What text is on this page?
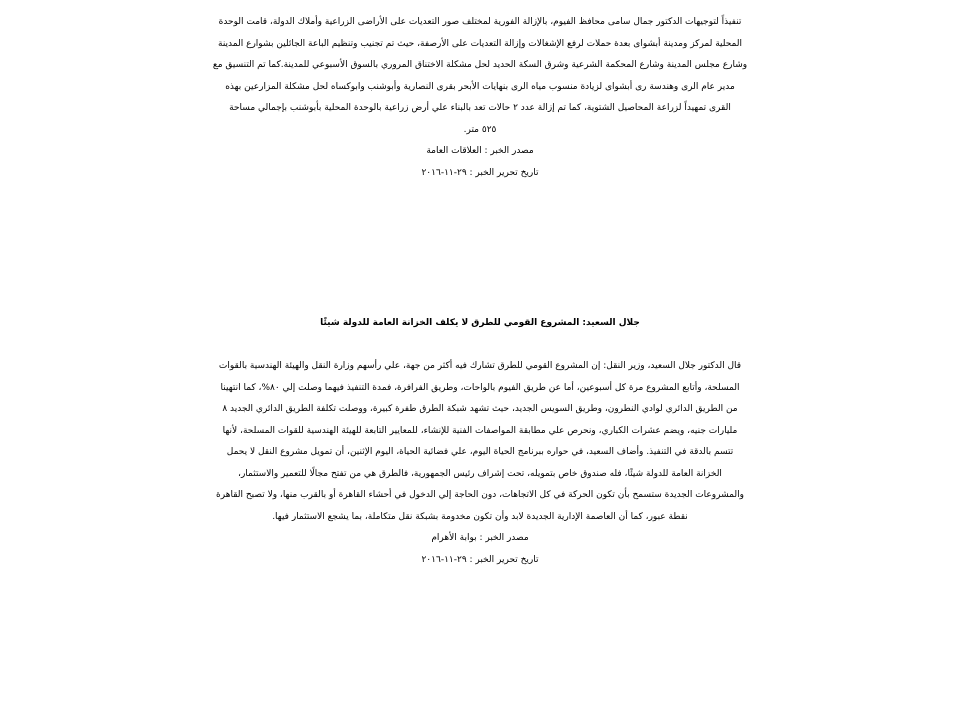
تنفيذاً لتوجيهات الدكتور جمال سامى محافظ الفيوم، بالإزالة الفورية لمختلف صور التعديات على الأراضى الزراعية وأملاك الدولة، قامت الوحدة
المحلية لمركز ومدينة أبشواى بعدة حملات لرفع الإشغالات وإزالة التعديات على الأرصفة، حيث تم تجنيب وتنظيم الباعة الجائلين بشوارع المدينة
وشارع مجلس المدينة وشارع المحكمة الشرعية وشرق السكة الحديد لحل مشكلة الاختناق المروري بالسوق الأسبوعي للمدينة.كما تم التنسيق مع
مدير عام الرى وهندسة رى أبشواى لزيادة منسوب مياه الرى بنهايات الأبحر بقرى النصارية وأبوشنب وابوكساه لحل مشكلة المزارعين بهذه
القرى تمهيداً لزراعة المحاصيل الشتوية، كما تم إزالة عدد ٢ حالات تعد بالبناء علي أرض زراعية بالوحدة المحلية بأبوشنب بإجمالي مساحة
٥٢٥ متر.
مصدر الخبر : العلاقات العامة
تاريخ تحرير الخبر : ٢٩-١١-٢٠١٦
جلال السعيد: المشروع القومي للطرق لا يكلف الخزانة العامة للدولة شيئًا
قال الدكتور جلال السعيد، وزير النقل: إن المشروع القومي للطرق تشارك فيه أكثر من جهة، علي رأسهم وزارة النقل والهيئة الهندسية بالقوات
المسلحة، وأتابع المشروع مرة كل أسبوعين، أما عن طريق الفيوم بالواحات، وطريق الفرافرة، فمدة التنفيذ فيهما وصلت إلي ٨٠%، كما انتهينا
من الطريق الدائري لوادي النطرون، وطريق السويس الجديد، حيث تشهد شبكة الطرق طفرة كبيرة، ووصلت تكلفة الطريق الدائري الجديد ٨
مليارات جنيه، ويضم عشرات الكباري، ونحرص علي مطابقة المواصفات الفنية للإنشاء، للمعايير التابعة للهيئة الهندسية للقوات المسلحة، لأنها
تتسم بالدقة في التنفيذ. وأضاف السعيد، في حواره ببرنامج الحياة اليوم، علي فضائية الحياة، اليوم الإثنين، أن تمويل مشروع النقل لا يحمل
الخزانة العامة للدولة شيئًا، فله صندوق خاص بتمويله، تحت إشراف رئيس الجمهورية، فالطرق هي من تفتح مجالًا للتعمير والاستثمار،
والمشروعات الجديدة ستسمح بأن تكون الحركة في كل الاتجاهات، دون الحاجة إلي الدخول في أحشاء القاهرة أو بالقرب منها، ولا تصبح القاهرة
نقطة عبور، كما أن العاصمة الإدارية الجديدة لابد وأن تكون مخدومة بشبكة نقل متكاملة، بما يشجع الاستثمار فيها.
مصدر الخبر : بوابة الأهرام
تاريخ تحرير الخبر : ٢٩-١١-٢٠١٦
